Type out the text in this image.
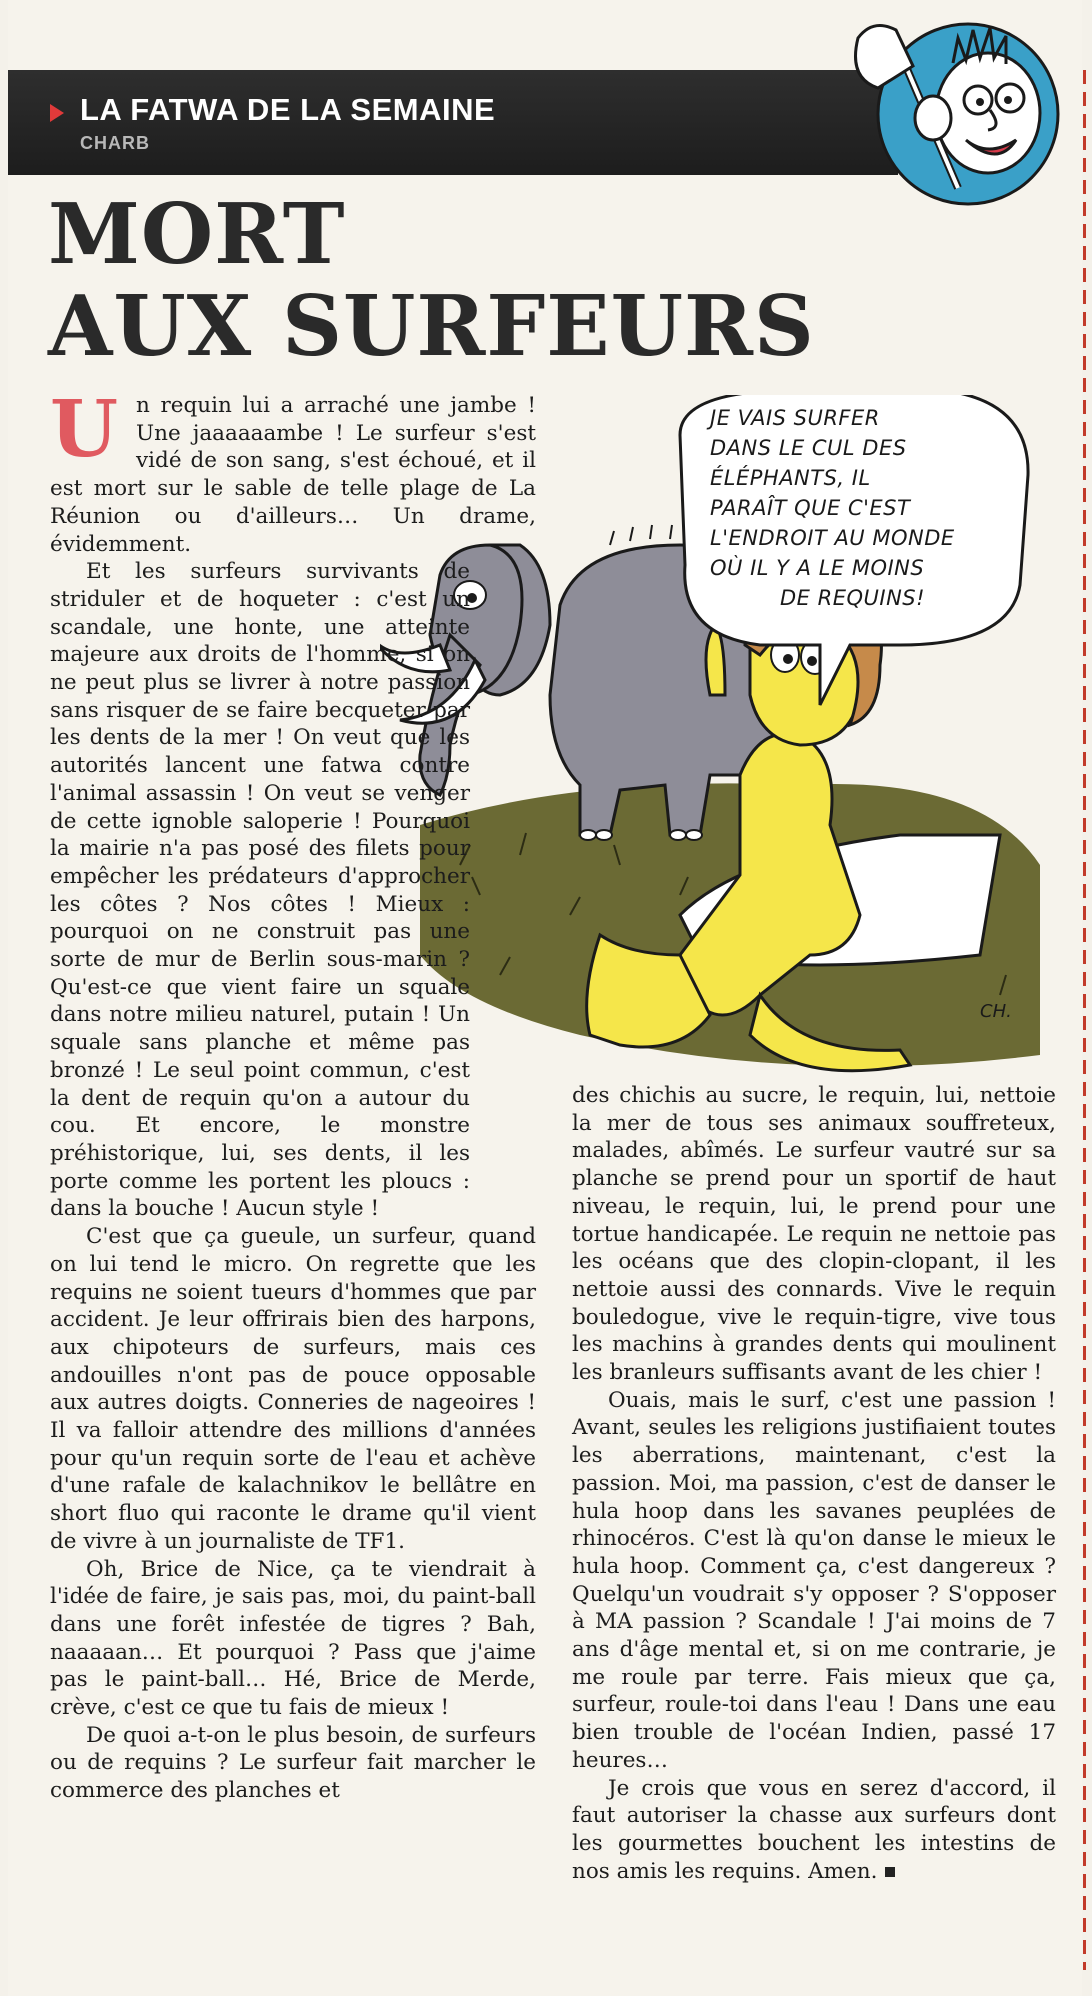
LA FATWA DE LA SEMAINE
CHARB
MORT
AUX SURFEURS
JE VAIS SURFER
DANS LE CUL DES
ÉLÉPHANTS, IL
PARAÎT QUE C'EST
L'ENDROIT AU MONDE
OÙ IL Y A LE MOINS
DE REQUINS!
CH.

Un requin lui a arraché une jambe ! Une jaaaaaambe ! Le surfeur s'est vidé de son sang, s'est échoué, et il est mort sur le sable de telle plage de La Réunion ou d'ailleurs… Un drame, évidemment.

Et les surfeurs survivants de striduler et de hoqueter : c'est un scandale, une honte, une atteinte majeure aux droits de l'homme, si on ne peut plus se livrer à notre passion sans risquer de se faire becqueter par les dents de la mer ! On veut que les autorités lancent une fatwa contre l'animal assassin ! On veut se venger de cette ignoble saloperie ! Pourquoi la mairie n'a pas posé des filets pour empêcher les prédateurs d'approcher les côtes ? Nos côtes ! Mieux : pourquoi on ne construit pas une sorte de mur de Berlin sous-marin ? Qu'est-ce que vient faire un squale dans notre milieu naturel, putain ! Un squale sans planche et même pas bronzé ! Le seul point commun, c'est la dent de requin qu'on a autour du cou. Et encore, le monstre préhistorique, lui, ses dents, il les porte comme les portent les ploucs : dans la bouche ! Aucun style !

C'est que ça gueule, un surfeur, quand on lui tend le micro. On regrette que les requins ne soient tueurs d'hommes que par accident. Je leur offrirais bien des harpons, aux chipoteurs de surfeurs, mais ces andouilles n'ont pas de pouce opposable aux autres doigts. Conneries de nageoires ! Il va falloir attendre des millions d'années pour qu'un requin sorte de l'eau et achève d'une rafale de kalachnikov le bellâtre en short fluo qui raconte le drame qu'il vient de vivre à un journaliste de TF1.

Oh, Brice de Nice, ça te viendrait à l'idée de faire, je sais pas, moi, du paint-ball dans une forêt infestée de tigres ? Bah, naaaaan… Et pourquoi ? Pass que j'aime pas le paint-ball… Hé, Brice de Merde, crève, c'est ce que tu fais de mieux !

De quoi a-t-on le plus besoin, de surfeurs ou de requins ? Le surfeur fait marcher le commerce des planches et

des chichis au sucre, le requin, lui, nettoie la mer de tous ses animaux souffreteux, malades, abîmés. Le surfeur vautré sur sa planche se prend pour un sportif de haut niveau, le requin, lui, le prend pour une tortue handicapée. Le requin ne nettoie pas les océans que des clopin-clopant, il les nettoie aussi des connards. Vive le requin bouledogue, vive le requin-tigre, vive tous les machins à grandes dents qui moulinent les branleurs suffisants avant de les chier !

Ouais, mais le surf, c'est une passion ! Avant, seules les religions justifiaient toutes les aberrations, maintenant, c'est la passion. Moi, ma passion, c'est de danser le hula hoop dans les savanes peuplées de rhinocéros. C'est là qu'on danse le mieux le hula hoop. Comment ça, c'est dangereux ? Quelqu'un voudrait s'y opposer ? S'opposer à MA passion ? Scandale ! J'ai moins de 7 ans d'âge mental et, si on me contrarie, je me roule par terre. Fais mieux que ça, surfeur, roule-toi dans l'eau ! Dans une eau bien trouble de l'océan Indien, passé 17 heures…

Je crois que vous en serez d'accord, il faut autoriser la chasse aux surfeurs dont les gourmettes bouchent les intestins de nos amis les requins. Amen.
